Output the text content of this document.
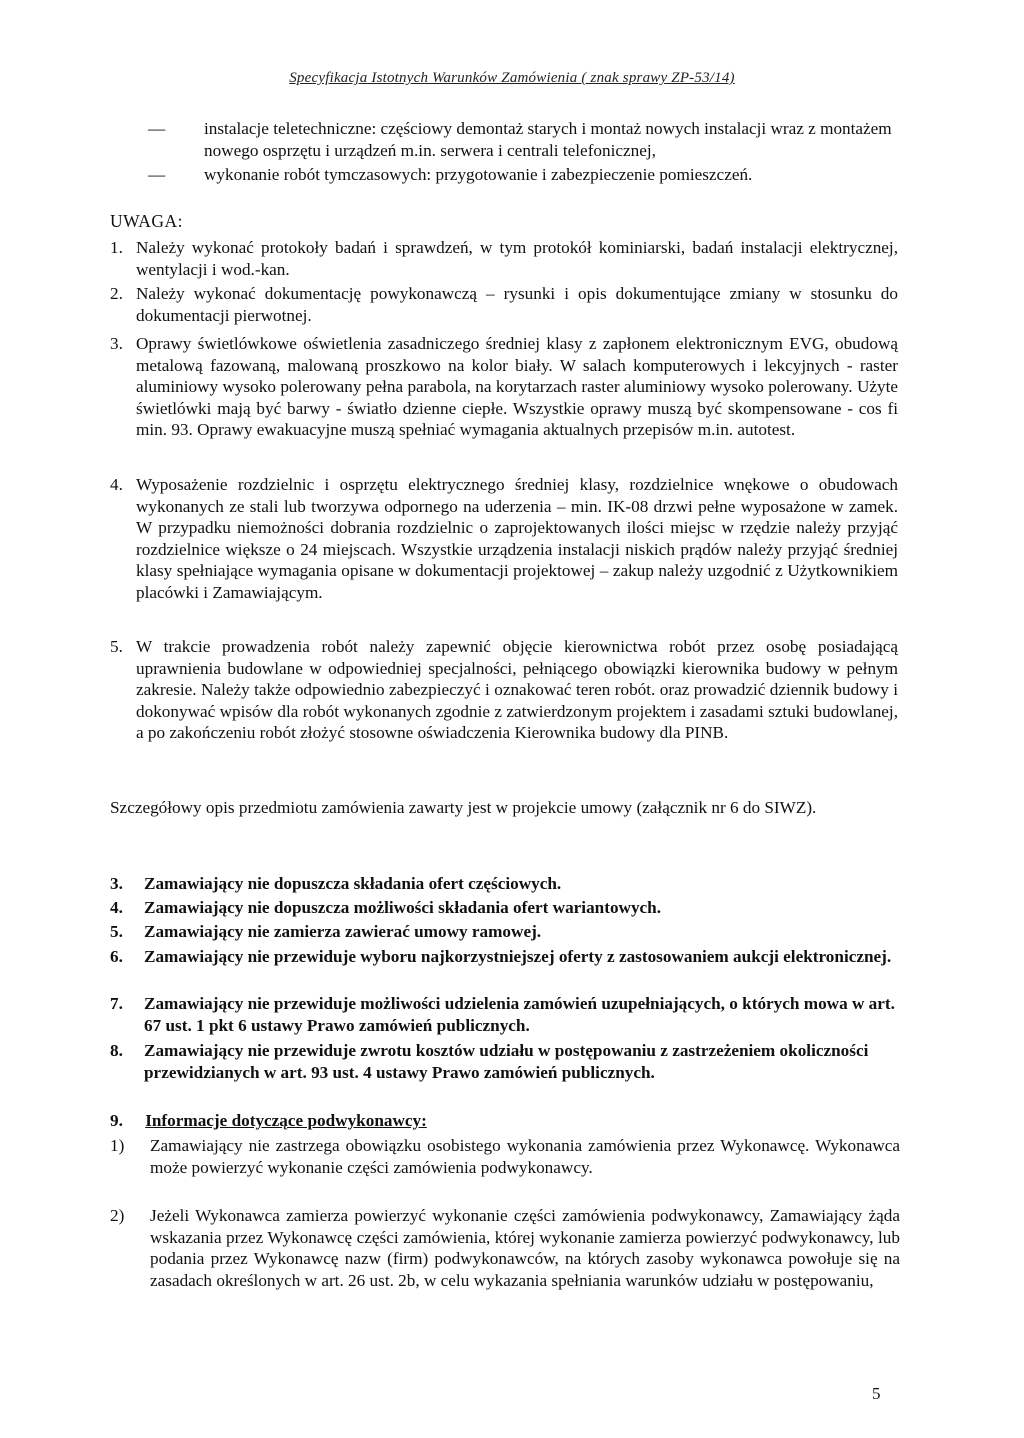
Specyfikacja Istotnych Warunków Zamówienia ( znak sprawy ZP-53/14)
—	instalacje teletechniczne: częściowy demontaż starych i montaż nowych instalacji wraz z montażem nowego osprzętu i urządzeń m.in. serwera i centrali telefonicznej,
—	wykonanie robót tymczasowych: przygotowanie i zabezpieczenie pomieszczeń.
UWAGA:
1. Należy wykonać protokoły badań i sprawdzeń, w tym protokół kominiarski, badań instalacji elektrycznej, wentylacji i wod.-kan.
2. Należy wykonać dokumentację powykonawczą – rysunki i opis dokumentujące zmiany w stosunku do dokumentacji pierwotnej.
3. Oprawy świetlówkowe oświetlenia zasadniczego średniej klasy z zapłonem elektronicznym EVG, obudową metalową fazowaną, malowaną proszkowo na kolor biały. W salach komputerowych i lekcyjnych - raster aluminiowy wysoko polerowany pełna parabola, na korytarzach raster aluminiowy wysoko polerowany. Użyte świetlówki mają być barwy - światło dzienne ciepłe. Wszystkie oprawy muszą być skompensowane - cos fi min. 93. Oprawy ewakuacyjne muszą spełniać wymagania aktualnych przepisów m.in. autotest.
4. Wyposażenie rozdzielnic i osprzętu elektrycznego średniej klasy, rozdzielnice wnękowe o obudowach wykonanych ze stali lub tworzywa odpornego na uderzenia – min. IK-08 drzwi pełne wyposażone w zamek. W przypadku niemożności dobrania rozdzielnic o zaprojektowanych ilości miejsc w rzędzie należy przyjąć rozdzielnice większe o 24 miejscach. Wszystkie urządzenia instalacji niskich prądów należy przyjąć średniej klasy spełniające wymagania opisane w dokumentacji projektowej – zakup należy uzgodnić z Użytkownikiem placówki i Zamawiającym.
5. W trakcie prowadzenia robót należy zapewnić objęcie kierownictwa robót przez osobę posiadającą uprawnienia budowlane w odpowiedniej specjalności, pełniącego obowiązki kierownika budowy w pełnym zakresie. Należy także odpowiednio zabezpieczyć i oznakować teren robót. oraz prowadzić dziennik budowy i dokonywać wpisów dla robót wykonanych zgodnie z zatwierdzonym projektem i zasadami sztuki budowlanej, a po zakończeniu robót złożyć stosowne oświadczenia Kierownika budowy dla PINB.
Szczegółowy opis przedmiotu zamówienia zawarty jest w projekcie umowy (załącznik nr 6 do SIWZ).
3. Zamawiający nie dopuszcza składania ofert częściowych.
4. Zamawiający nie dopuszcza możliwości składania ofert wariantowych.
5. Zamawiający nie zamierza zawierać umowy ramowej.
6. Zamawiający nie przewiduje wyboru najkorzystniejszej oferty z zastosowaniem aukcji elektronicznej.
7. Zamawiający nie przewiduje możliwości udzielenia zamówień uzupełniających, o których mowa w art. 67 ust. 1 pkt 6 ustawy Prawo zamówień publicznych.
8. Zamawiający nie przewiduje zwrotu kosztów udziału w postępowaniu z zastrzeżeniem okoliczności przewidzianych w art. 93 ust. 4 ustawy Prawo zamówień publicznych.
9. Informacje dotyczące podwykonawcy:
1) Zamawiający nie zastrzega obowiązku osobistego wykonania zamówienia przez Wykonawcę. Wykonawca może powierzyć wykonanie części zamówienia podwykonawcy.
2) Jeżeli Wykonawca zamierza powierzyć wykonanie części zamówienia podwykonawcy, Zamawiający żąda wskazania przez Wykonawcę części zamówienia, której wykonanie zamierza powierzyć podwykonawcy, lub podania przez Wykonawcę nazw (firm) podwykonawców, na których zasoby wykonawca powołuje się na zasadach określonych w art. 26 ust. 2b, w celu wykazania spełniania warunków udziału w postępowaniu,
5
